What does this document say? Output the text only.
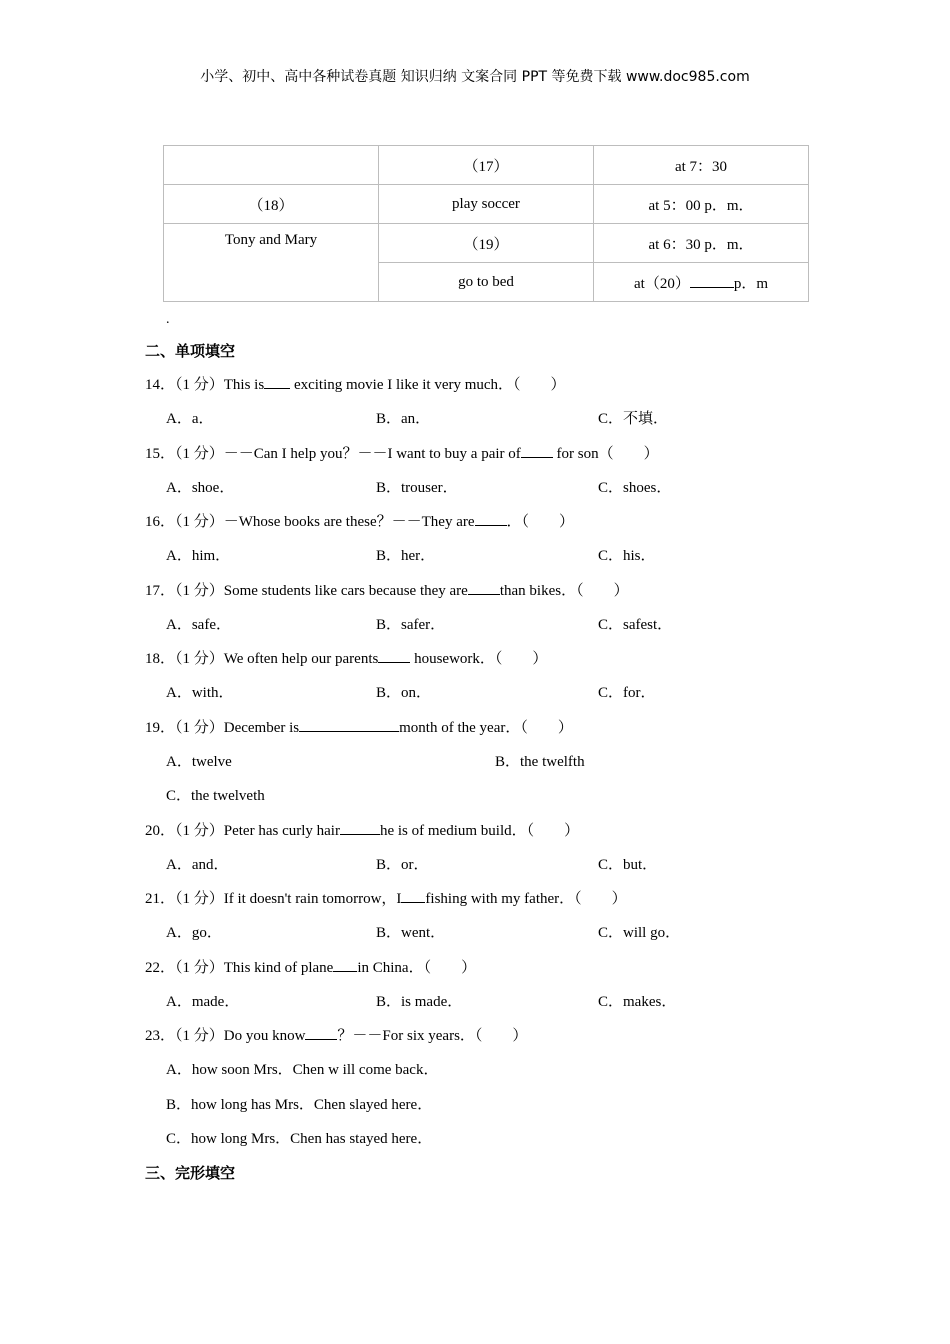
小学、初中、高中各种试卷真题 知识归纳 文案合同 PPT 等免费下载 www.doc985.com
	（17）	at 7：30
（18）	play soccer	at 5：00 p．m．
Tony and Mary	（19）	at 6：30 p．m．
	go to bed	at（20） p．m
.
二、单项填空
14．（1 分）This is exciting movie I like it very much．（　　）
A．a．	B．an．	C．不填．
15．（1 分）－－Can I help you？－－I want to buy a pair of for son（　　）
A．shoe．	B．trouser．	C．shoes．
16．（1 分）－Whose books are these？－－They are ．（　　）
A．him．	B．her．	C．his．
17．（1 分）Some students like cars because they are than bikes．（　　）
A．safe．	B．safer．	C．safest．
18．（1 分）We often help our parents housework．（　　）
A．with．	B．on．	C．for．
19．（1 分）December is	month of the year．（　　）
A．twelve	B．the twelfth
C．the twelveth
20．（1 分）Peter has curly hair	he is of medium build．（　　）
A．and．	B．or．	C．but．
21．（1 分）If it doesn't rain tomorrow，I fishing with my father．（　　）
A．go．	B．went．	C．will go．
22．（1 分）This kind of plane in China．（　　）
A．made．	B．is made．	C．makes．
23．（1 分）Do you know ？－－For six years．（　　）
A．how soon Mrs．Chen w ill come back．
B．how long has Mrs．Chen slayed here．
C．how long Mrs．Chen has stayed here．
三、完形填空
